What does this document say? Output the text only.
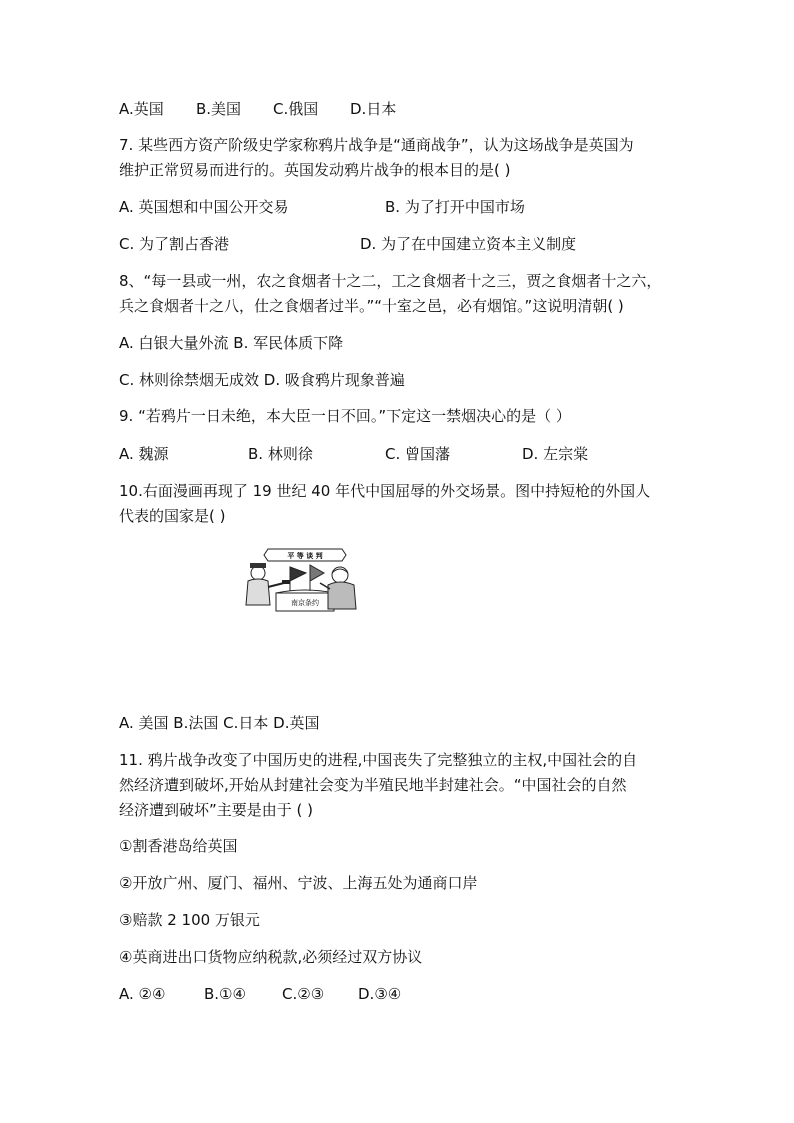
A.英国 B.美国 C.俄国 D.日本
7. 某些西方资产阶级史学家称鸦片战争是“通商战争”，认为这场战争是英国为
维护正常贸易而进行的。英国发动鸦片战争的根本目的是( )
A. 英国想和中国公开交易	B. 为了打开中国市场
C. 为了割占香港	D. 为了在中国建立资本主义制度
8、“每一县或一州，农之食烟者十之二，工之食烟者十之三，贾之食烟者十之六，
兵之食烟者十之八，仕之食烟者过半。”“十室之邑，必有烟馆。”这说明清朝( )
A. 白银大量外流 B. 军民体质下降
C. 林则徐禁烟无成效 D. 吸食鸦片现象普遍
9. “若鸦片一日未绝，本大臣一日不回。”下定这一禁烟决心的是（ ）
A. 魏源	B. 林则徐	C. 曾国藩	D. 左宗棠
10.右面漫画再现了 19 世纪 40 年代中国屈辱的外交场景。图中持短枪的外国人
代表的国家是( )
平 等 谈 判
南京条约
A. 美国 B.法国 C.日本 D.英国
11. 鸦片战争改变了中国历史的进程,中国丧失了完整独立的主权,中国社会的自
然经济遭到破坏,开始从封建社会变为半殖民地半封建社会。“中国社会的自然
经济遭到破坏”主要是由于 ( )
①割香港岛给英国
②开放广州、厦门、福州、宁波、上海五处为通商口岸
③赔款 2 100 万银元
④英商进出口货物应纳税款,必须经过双方协议
A. ②④	B.①④ C.②③ D.③④
